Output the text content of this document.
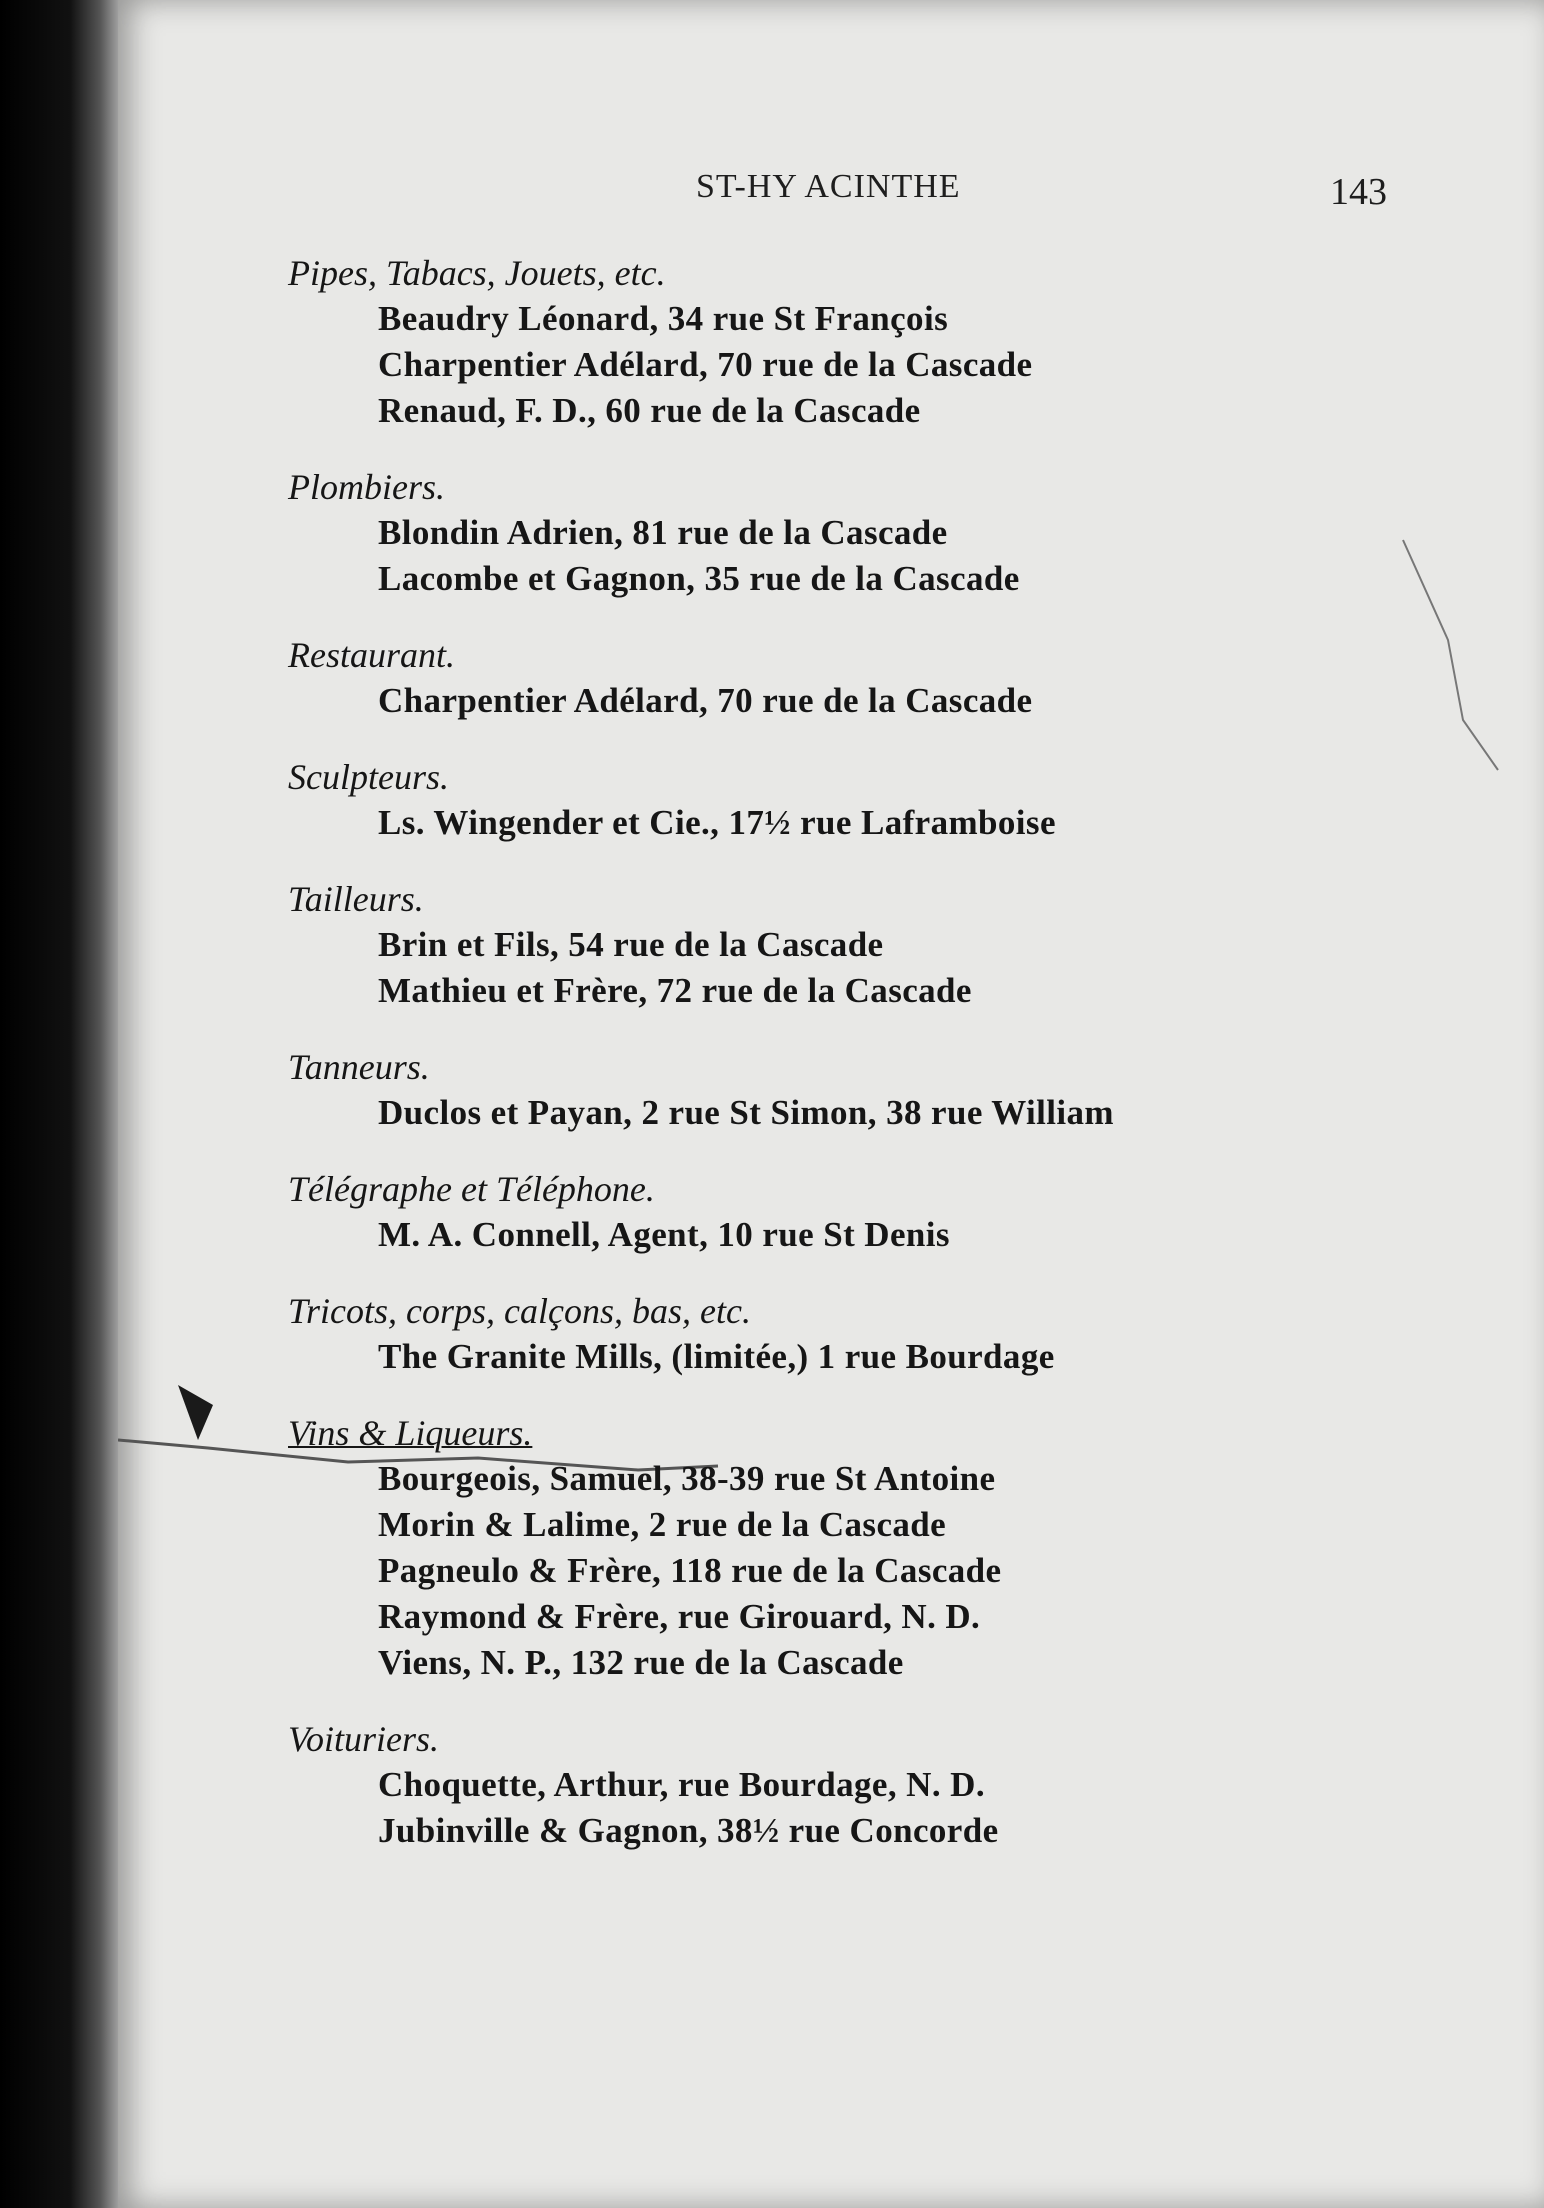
ST-HY ACINTHE	143
Pipes, Tabacs, Jouets, etc.
Beaudry Léonard, 34 rue St François
Charpentier Adélard, 70 rue de la Cascade
Renaud, F. D., 60 rue de la Cascade
Plombiers.
Blondin Adrien, 81 rue de la Cascade
Lacombe et Gagnon, 35 rue de la Cascade
Restaurant.
Charpentier Adélard, 70 rue de la Cascade
Sculpteurs.
Ls. Wingender et Cie., 17½ rue Laframboise
Tailleurs.
Brin et Fils, 54 rue de la Cascade
Mathieu et Frère, 72 rue de la Cascade
Tanneurs.
Duclos et Payan, 2 rue St Simon, 38 rue William
Télégraphe et Téléphone.
M. A. Connell, Agent, 10 rue St Denis
Tricots, corps, calçons, bas, etc.
The Granite Mills, (limitée,) 1 rue Bourdage
Vins & Liqueurs.
Bourgeois, Samuel, 38-39 rue St Antoine
Morin & Lalime, 2 rue de la Cascade
Pagneulo & Frère, 118 rue de la Cascade
Raymond & Frère, rue Girouard, N. D.
Viens, N. P., 132 rue de la Cascade
Voituriers.
Choquette, Arthur, rue Bourdage, N. D.
Jubinville & Gagnon, 38½ rue Concorde
